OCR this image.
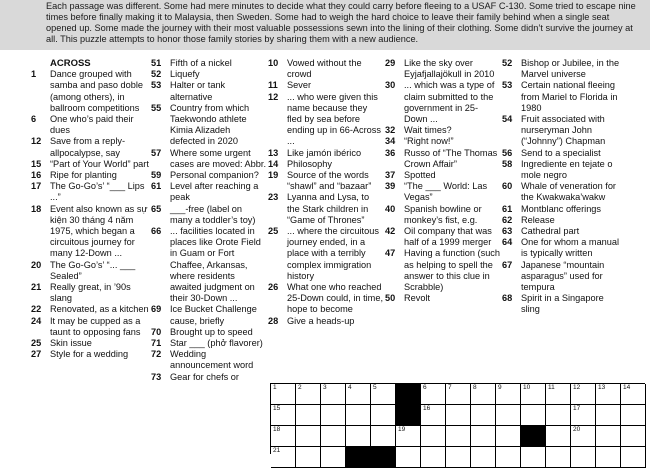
Each passage was different. Some had mere minutes to decide what they could carry before fleeing to a USAF C-130. Some tried to escape nine times before finally making it to Malaysia, then Sweden. Some had to weigh the hard choice to leave their family behind when a single seat opened up. Some made the journey with their most valuable possessions sewn into the lining of their clothing. Some didn’t survive the journey at all. This puzzle attempts to honor those family stories by sharing them with a new audience.
ACROSS
1	Dance grouped with samba and paso doble (among others), in ballroom competitions
6	One who’s paid their dues
12 Save from a reply-allpocalypse, say
15 “Part of Your World” part
16 Ripe for planting
17 The Go-Go’s’ “___ Lips ...”
18 Event also known as sự kiện 30 tháng 4 năm 1975, which began a circuitous journey for many 12-Down ...
20 The Go-Go’s’ “... ___ Sealed”
21 Really great, in ’90s slang
22 Renovated, as a kitchen
24 It may be cupped as a taunt to opposing fans
25 Skin issue
27 Style for a wedding
51 Fifth of a nickel
52 Liquefy
53 Halter or tank alternative
55 Country from which Taekwondo athlete Kimia Alizadeh defected in 2020
57 Where some urgent cases are moved: Abbr.
59 Personal companion?
61 Level after reaching a peak
65 ___-free (label on many a toddler’s toy)
66 ... facilities located in places like Orote Field in Guam or Fort Chaffee, Arkansas, where residents awaited judgment on their 30-Down ...
69 Ice Bucket Challenge cause, briefly
70 Brought up to speed
71 Star ___ (phở flavorer)
72 Wedding announcement word
73 Gear for chefs or
10 Vowed without the crowd
11	Sever
12 ... who were given this name because they fled by sea before ending up in 66-Across ...
13 Like jamón ibérico
14 Philosophy
19 Source of the words “shawl” and “bazaar”
23 Lyanna and Lysa, to the Stark children in “Game of Thrones”
25 ... where the circuitous journey ended, in a place with a terribly complex immigration history
26 What one who reached 25-Down could, in time, hope to become
28 Give a heads-up
29 Like the sky over Eyjafjallajökull in 2010
30 ... which was a type of claim submitted to the government in 25-Down ...
32 Wait times?
34 “Right now!”
36 Russo of “The Thomas Crown Affair”
37 Spotted
39 “The ___ World: Las Vegas”
40 Spanish bowline or monkey’s fist, e.g.
42 Oil company that was half of a 1999 merger
47 Having a function (such as helping to spell the answer to this clue in Scrabble)
50 Revolt
52 Bishop or Jubilee, in the Marvel universe
53 Certain national fleeing from Mariel to Florida in 1980
54 Fruit associated with nurseryman John (“Johnny”) Chapman
56 Send to a specialist
58 Ingrediente en tejate o mole negro
60 Whale of veneration for the Kwakwaka’wakw
61 Montblanc offerings
62 Release
63 Cathedral part
64 One for whom a manual is typically written
67 Japanese “mountain asparagus” used for tempura
68 Spirit in a Singapore sling
1	2	3	4	5	6	7	8	9	10	11	12	13	14
15	16	17
18	19	20
21
